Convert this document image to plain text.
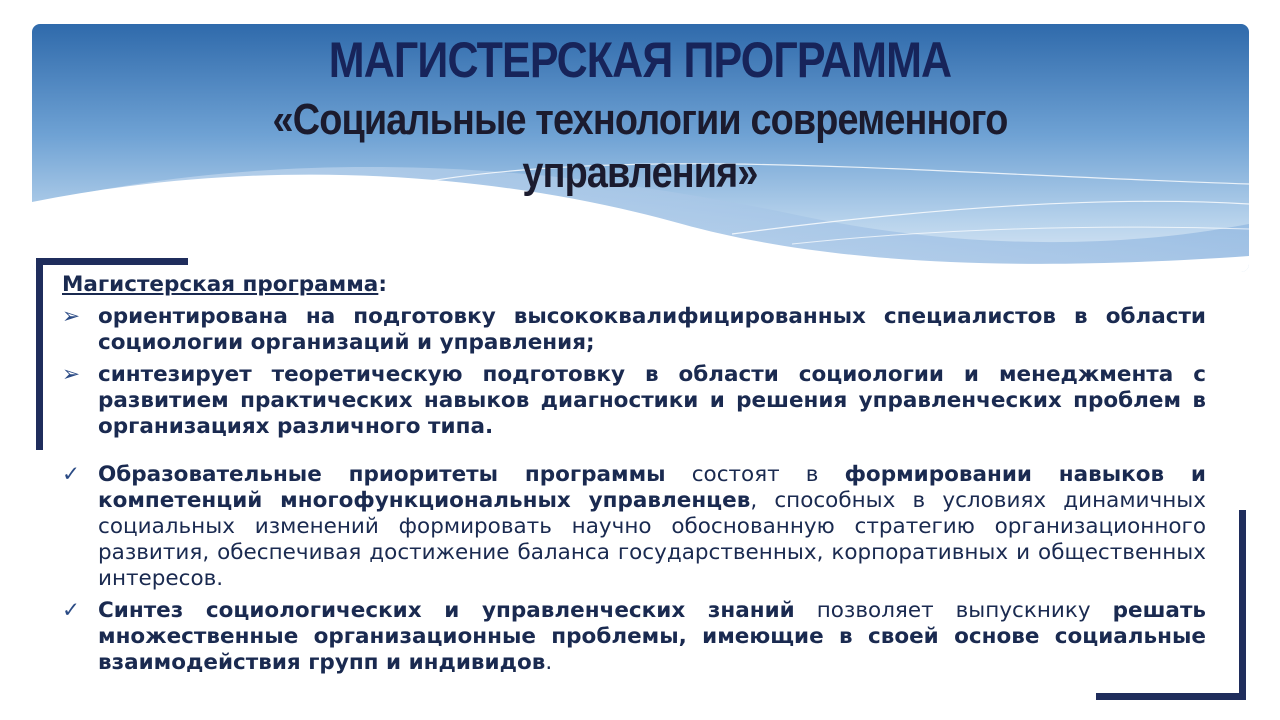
МАГИСТЕРСКАЯ ПРОГРАММА
«Социальные технологии современного
управления»
Магистерская программа:
➢ ориентирована на подготовку высококвалифицированных специалистов в области социологии организаций и управления;
➢ синтезирует теоретическую подготовку в области социологии и менеджмента с развитием практических навыков диагностики и решения управленческих проблем в организациях различного типа.
✓ Образовательные приоритеты программы состоят в формировании навыков и компетенций многофункциональных управленцев, способных в условиях динамичных социальных изменений формировать научно обоснованную стратегию организационного развития, обеспечивая достижение баланса государственных, корпоративных и общественных интересов.
✓ Синтез социологических и управленческих знаний позволяет выпускнику решать множественные организационные проблемы, имеющие в своей основе социальные взаимодействия групп и индивидов.
